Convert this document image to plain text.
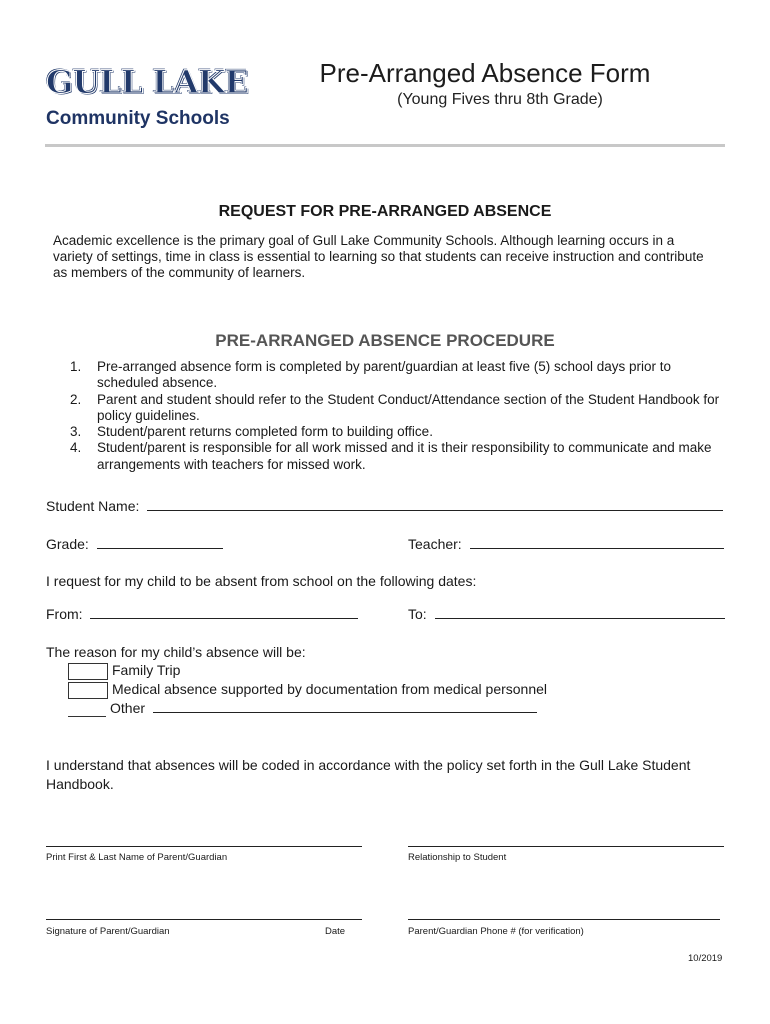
GULL LAKE
Community Schools
Pre-Arranged Absence Form
(Young Fives thru 8th Grade)
REQUEST FOR PRE-ARRANGED ABSENCE
Academic excellence is the primary goal of Gull Lake Community Schools. Although learning occurs in a variety of settings, time in class is essential to learning so that students can receive instruction and contribute as members of the community of learners.
PRE-ARRANGED ABSENCE PROCEDURE
1. Pre-arranged absence form is completed by parent/guardian at least five (5) school days prior to scheduled absence.
2. Parent and student should refer to the Student Conduct/Attendance section of the Student Handbook for policy guidelines.
3. Student/parent returns completed form to building office.
4. Student/parent is responsible for all work missed and it is their responsibility to communicate and make arrangements with teachers for missed work.
Student Name:
Grade:	Teacher:
I request for my child to be absent from school on the following dates:
From:	To:
The reason for my child’s absence will be:
Family Trip
Medical absence supported by documentation from medical personnel
Other
I understand that absences will be coded in accordance with the policy set forth in the Gull Lake Student Handbook.
Print First & Last Name of Parent/Guardian	Relationship to Student
Signature of Parent/Guardian	Date	Parent/Guardian Phone # (for verification)
10/2019
